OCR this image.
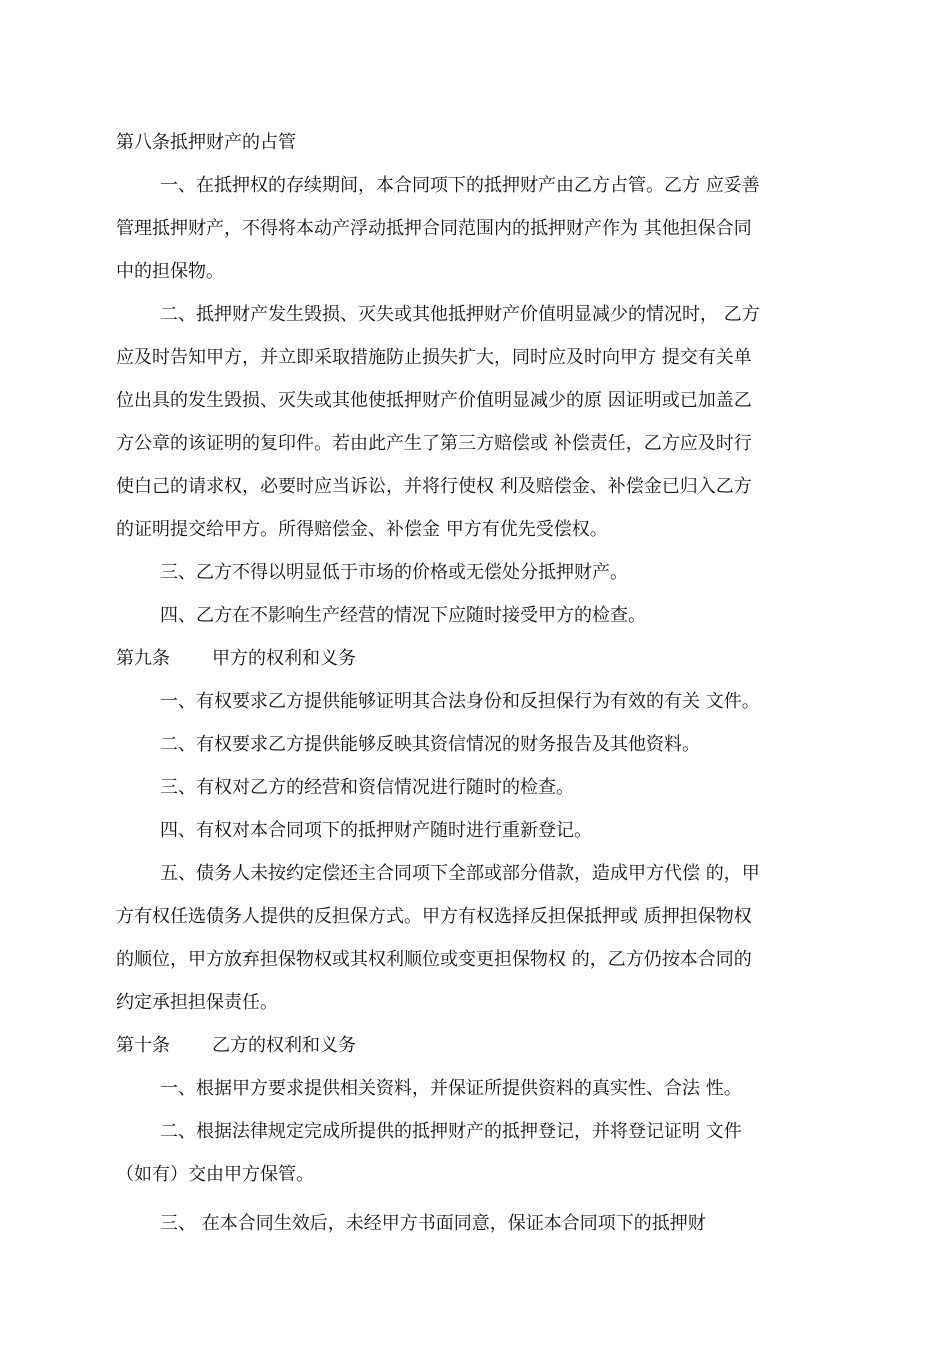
第八条抵押财产的占管
一、在抵押权的存续期间，本合同项下的抵押财产由乙方占管。乙方 应妥善
管理抵押财产，不得将本动产浮动抵押合同范围内的抵押财产作为 其他担保合同
中的担保物。
二、抵押财产发生毁损、灭失或其他抵押财产价值明显减少的情况时， 乙方
应及时告知甲方，并立即采取措施防止损失扩大，同时应及时向甲方 提交有关单
位出具的发生毁损、灭失或其他使抵押财产价值明显减少的原 因证明或已加盖乙
方公章的该证明的复印件。若由此产生了第三方赔偿或 补偿责任，乙方应及时行
使白己的请求权，必要时应当诉讼，并将行使权 利及赔偿金、补偿金已归入乙方
的证明提交给甲方。所得赔偿金、补偿金 甲方有优先受偿权。
三、乙方不得以明显低于市场的价格或无偿处分抵押财产。
四、乙方在不影响生产经营的情况下应随时接受甲方的检查。
第九条 甲方的权利和义务
一、有权要求乙方提供能够证明其合法身份和反担保行为有效的有关 文件。
二、有权要求乙方提供能够反映其资信情况的财务报告及其他资料。
三、有权对乙方的经营和资信情况进行随时的检查。
四、有权对本合同项下的抵押财产随时进行重新登记。
五、债务人未按约定偿还主合同项下全部或部分借款，造成甲方代偿 的，甲
方有权任选债务人提供的反担保方式。甲方有权选择反担保抵押或 质押担保物权
的顺位，甲方放弃担保物权或其权利顺位或变更担保物权 的，乙方仍按本合同的
约定承担担保责任。
第十条 乙方的权利和义务
一、根据甲方要求提供相关资料，并保证所提供资料的真实性、合法 性。
二、根据法律规定完成所提供的抵押财产的抵押登记，并将登记证明 文件
（如有）交由甲方保管。
三、 在本合同生效后，未经甲方书面同意，保证本合同项下的抵押财
